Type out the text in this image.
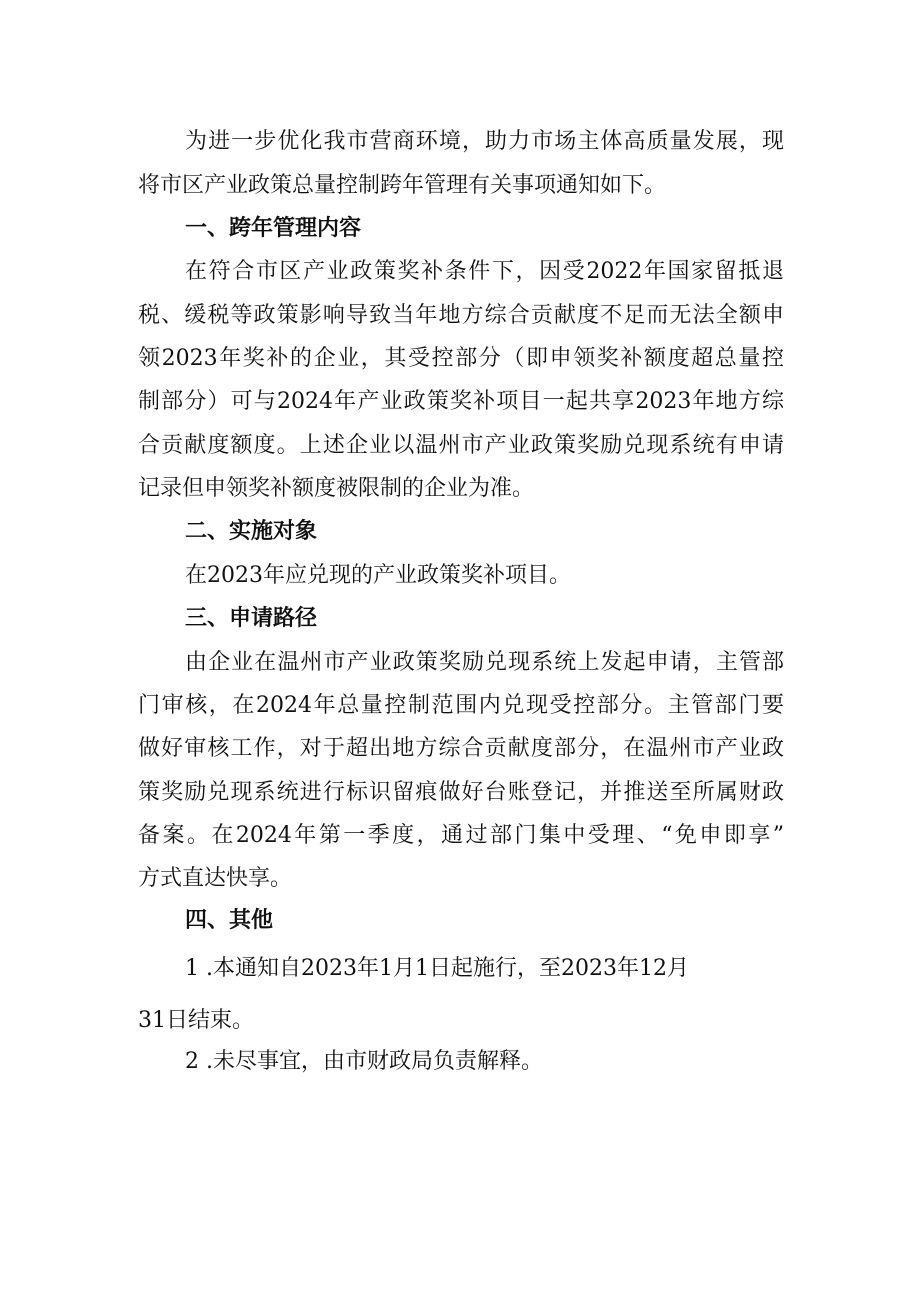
为进一步优化我市营商环境，助力市场主体高质量发展，现
将市区产业政策总量控制跨年管理有关事项通知如下。
一、跨年管理内容
在符合市区产业政策奖补条件下，因受2022年国家留抵退
税、缓税等政策影响导致当年地方综合贡献度不足而无法全额申
领2023年奖补的企业，其受控部分（即申领奖补额度超总量控
制部分）可与2024年产业政策奖补项目一起共享2023年地方综
合贡献度额度。上述企业以温州市产业政策奖励兑现系统有申请
记录但申领奖补额度被限制的企业为准。
二、实施对象
在2023年应兑现的产业政策奖补项目。
三、申请路径
由企业在温州市产业政策奖励兑现系统上发起申请，主管部
门审核，在2024年总量控制范围内兑现受控部分。主管部门要
做好审核工作，对于超出地方综合贡献度部分，在温州市产业政
策奖励兑现系统进行标识留痕做好台账登记，并推送至所属财政
备案。在2024年第一季度，通过部门集中受理、“免申即享”
方式直达快享。
四、其他
1 .本通知自2023年1月1日起施行，至2023年12月
31日结束。
2 .未尽事宜，由市财政局负责解释。
